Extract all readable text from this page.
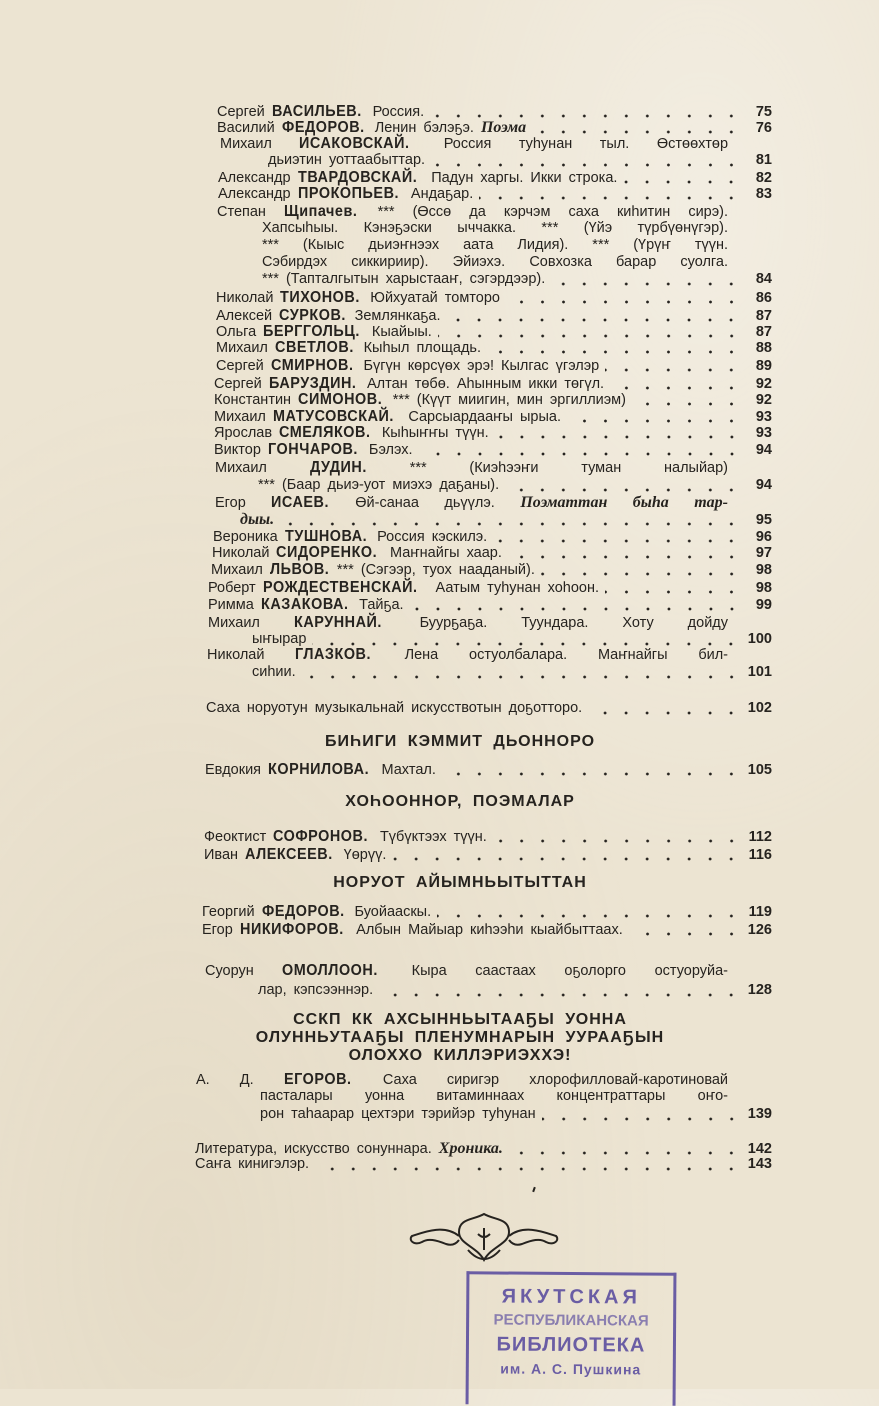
Сергей ВАСИЛЬЕВ. Россия.	75
Василий ФЕДОРОВ. Ленин бэлэҕэ. Поэма	76
Михаил ИСАКОВСКАЙ. Россия туһунан тыл. Өстөөхтөр
дьиэтин уоттаабыттар.	81
Александр ТВАРДОВСКАЙ. Падун харгы. Икки строка.	82
Александр ПРОКОПЬЕВ. Андаҕар.	83
Степан Щипачев. *** (Өссө да кэрчэм саха киһитин сирэ).
Хапсыһыы. Кэнэҕэски ыччакка. *** (Үйэ түрбүөнүгэр).
*** (Кыыс дьиэҥнээх аата Лидия). *** (Үрүҥ түүн.
Сэбирдэх сиккириир). Эйиэхэ. Совхозка барар суолга.
*** (Тапталгытын харыстааҥ, сэгэрдээр).	84
Николай ТИХОНОВ. Юйхуатай томторо	86
Алексей СУРКОВ. Землянкаҕа.	87
Ольга БЕРГГОЛЬЦ. Кыайыы.	87
Михаил СВЕТЛОВ. Кыһыл площадь.	88
Сергей СМИРНОВ. Бүгүн көрсүөх эрэ! Кылгас үгэлэр	89
Сергей БАРУЗДИН. Алтан төбө. Аһынным икки төгүл.	92
Константин СИМОНОВ. *** (Күүт миигин, мин эргиллиэм)	92
Михаил МАТУСОВСКАЙ. Сарсыардааҥы ырыа.	93
Ярослав СМЕЛЯКОВ. Кыһыҥҥы түүн.	93
Виктор ГОНЧАРОВ. Бэлэх.	94
Михаил	ДУДИН.	*** (Киэһээҥи туман налыйар)
*** (Баар дьиэ-уот миэхэ даҕаны).	94
Егор ИСАЕВ. Өй-санаа дьүүлэ. Поэматтан быһа тар-
дыы.	95
Вероника ТУШНОВА. Россия кэскилэ.	96
Николай СИДОРЕНКО. Маҥнайгы хаар.	97
Михаил ЛЬВОВ. *** (Сэгээр, туох нааданый).	98
Роберт РОЖДЕСТВЕНСКАЙ. Аатым туһунан хоһоон.	98
Римма КАЗАКОВА. Тайҕа.	99
Михаил КАРУННАЙ.	Буурҕаҕа. Туундара. Хоту дойду
ыҥырар	100
Николай ГЛАЗКОВ. Лена остуолбалара. Маҥнайгы бил-
сиһии.	101
Саха норуотун музыкальнай искусствотын доҕотторо.	102
Евдокия КОРНИЛОВА. Махтал.	105
Феоктист СОФРОНОВ. Түбүктээх түүн.	112
Иван АЛЕКСЕЕВ. Үөрүү.	116
Георгий ФЕДОРОВ. Буойааскы.	119
Егор НИКИФОРОВ. Албын Майыар киһээһи кыайбыттаах.	126
Суорун ОМОЛЛООН. Кыра саастаах оҕолорго остуоруйа-
лар, кэпсээннэр.	128
А. Д. ЕГОРОВ. Саха сиригэр хлорофилловай-каротиновай
пасталары уонна витаминнаах концентраттары оҥо-
рон таһаарар цехтэри тэрийэр туһунан	139
Литература, искусство сонуннара. Хроника.	142
Саҥа кинигэлэр.	143
БИҺИГИ КЭММИТ ДЬОННОРО
ХОҺООННОР, ПОЭМАЛАР
НОРУОТ АЙЫМНЬЫТЫТТАН
ССКП КК АХСЫННЬЫТААҔЫ УОННА
ОЛУННЬУТААҔЫ ПЛЕНУМНАРЫН УУРААҔЫН
ОЛОХХО КИЛЛЭРИЭХХЭ!
ЯКУТСКАЯ
РЕСПУБЛИКАНСКАЯ
БИБЛИОТЕКА
им. А. С. Пушкина
